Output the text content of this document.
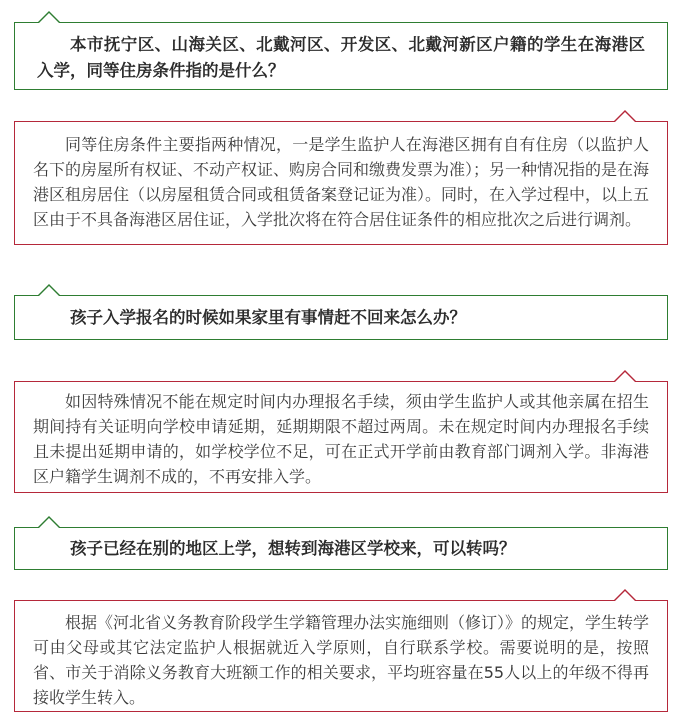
本市抚宁区、山海关区、北戴河区、开发区、北戴河新区户籍的学生在海港区入学，同等住房条件指的是什么？

同等住房条件主要指两种情况，一是学生监护人在海港区拥有自有住房（以监护人名下的房屋所有权证、不动产权证、购房合同和缴费发票为准）；另一种情况指的是在海港区租房居住（以房屋租赁合同或租赁备案登记证为准）。同时，在入学过程中，以上五区由于不具备海港区居住证，入学批次将在符合居住证条件的相应批次之后进行调剂。

孩子入学报名的时候如果家里有事情赶不回来怎么办？

如因特殊情况不能在规定时间内办理报名手续，须由学生监护人或其他亲属在招生期间持有关证明向学校申请延期，延期期限不超过两周。未在规定时间内办理报名手续且未提出延期申请的，如学校学位不足，可在正式开学前由教育部门调剂入学。非海港区户籍学生调剂不成的，不再安排入学。

孩子已经在别的地区上学，想转到海港区学校来，可以转吗？

根据《河北省义务教育阶段学生学籍管理办法实施细则（修订）》的规定，学生转学可由父母或其它法定监护人根据就近入学原则，自行联系学校。需要说明的是，按照省、市关于消除义务教育大班额工作的相关要求，平均班容量在55人以上的年级不得再接收学生转入。
